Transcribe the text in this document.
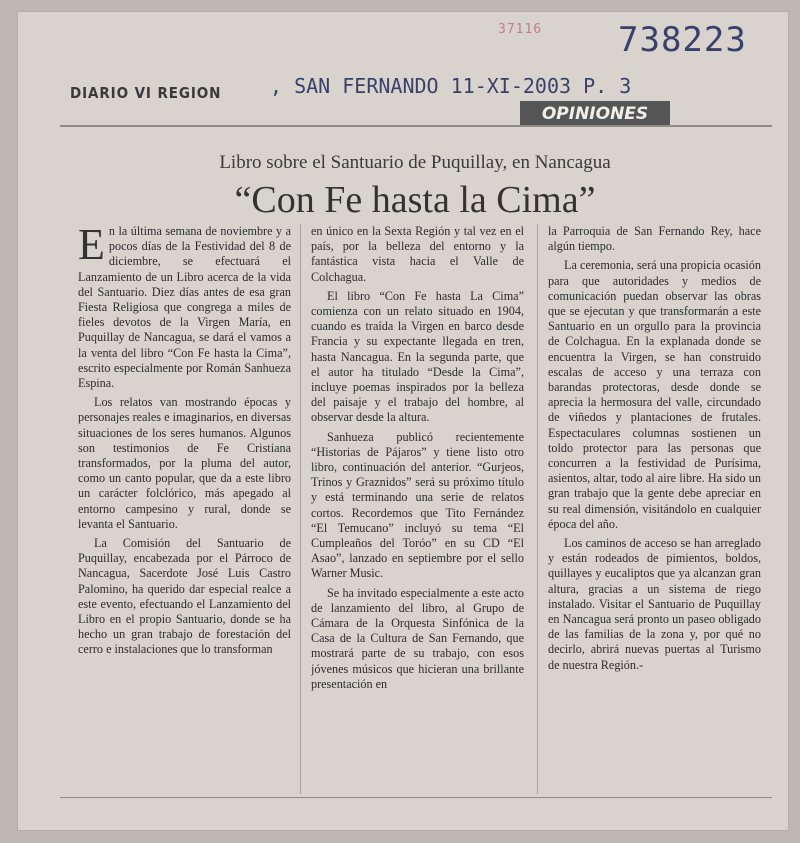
37116 738223
DIARIO VI REGION , SAN FERNANDO 11-XI-2003 P. 3
OPINIONES
Libro sobre el Santuario de Puquillay, en Nancagua
“Con Fe hasta la Cima”

En la última semana de noviembre y a pocos días de la Festividad del 8 de diciembre, se efectuará el Lanzamiento de un Libro acerca de la vida del Santuario. Diez días antes de esa gran Fiesta Religiosa que congrega a miles de fieles devotos de la Virgen María, en Puquillay de Nancagua, se dará el vamos a la venta del libro “Con Fe hasta la Cima”, escrito especialmente por Román Sanhueza Espina.

Los relatos van mostrando épocas y personajes reales e imaginarios, en diversas situaciones de los seres humanos. Algunos son testimonios de Fe Cristiana transformados, por la pluma del autor, como un canto popular, que da a este libro un carácter folclórico, más apegado al entorno campesino y rural, donde se levanta el Santuario.

La Comisión del Santuario de Puquillay, encabezada por el Párroco de Nancagua, Sacerdote José Luis Castro Palomino, ha querido dar especial realce a este evento, efectuando el Lanzamiento del Libro en el propio Santuario, donde se ha hecho un gran trabajo de forestación del cerro e instalaciones que lo transforman

en único en la Sexta Región y tal vez en el país, por la belleza del entorno y la fantástica vista hacia el Valle de Colchagua.

El libro “Con Fe hasta La Cima” comienza con un relato situado en 1904, cuando es traída la Virgen en barco desde Francia y su expectante llegada en tren, hasta Nancagua. En la segunda parte, que el autor ha titulado “Desde la Cima”, incluye poemas inspirados por la belleza del paisaje y el trabajo del hombre, al observar desde la altura.

Sanhueza publicó recientemente “Historias de Pájaros” y tiene listo otro libro, continuación del anterior. “Gurjeos, Trinos y Graznidos” será su próximo título y está terminando una serie de relatos cortos. Recordemos que Tito Fernández “El Temucano” incluyó su tema “El Cumpleaños del Toróo” en su CD “El Asao”, lanzado en septiembre por el sello Warner Music.

Se ha invitado especialmente a este acto de lanzamiento del libro, al Grupo de Cámara de la Orquesta Sinfónica de la Casa de la Cultura de San Fernando, que mostrará parte de su trabajo, con esos jóvenes músicos que hicieran una brillante presentación en

la Parroquia de San Fernando Rey, hace algún tiempo.

La ceremonia, será una propicia ocasión para que autoridades y medios de comunicación puedan observar las obras que se ejecutan y que transformarán a este Santuario en un orgullo para la provincia de Colchagua. En la explanada donde se encuentra la Virgen, se han construido escalas de acceso y una terraza con barandas protectoras, desde donde se aprecia la hermosura del valle, circundado de viñedos y plantaciones de frutales. Espectaculares columnas sostienen un toldo protector para las personas que concurren a la festividad de Purísima, asientos, altar, todo al aire libre. Ha sido un gran trabajo que la gente debe apreciar en su real dimensión, visitándolo en cualquier época del año.

Los caminos de acceso se han arreglado y están rodeados de pimientos, boldos, quillayes y eucaliptos que ya alcanzan gran altura, gracias a un sistema de riego instalado. Visitar el Santuario de Puquillay en Nancagua será pronto un paseo obligado de las familias de la zona y, por qué no decirlo, abrirá nuevas puertas al Turismo de nuestra Región.-
